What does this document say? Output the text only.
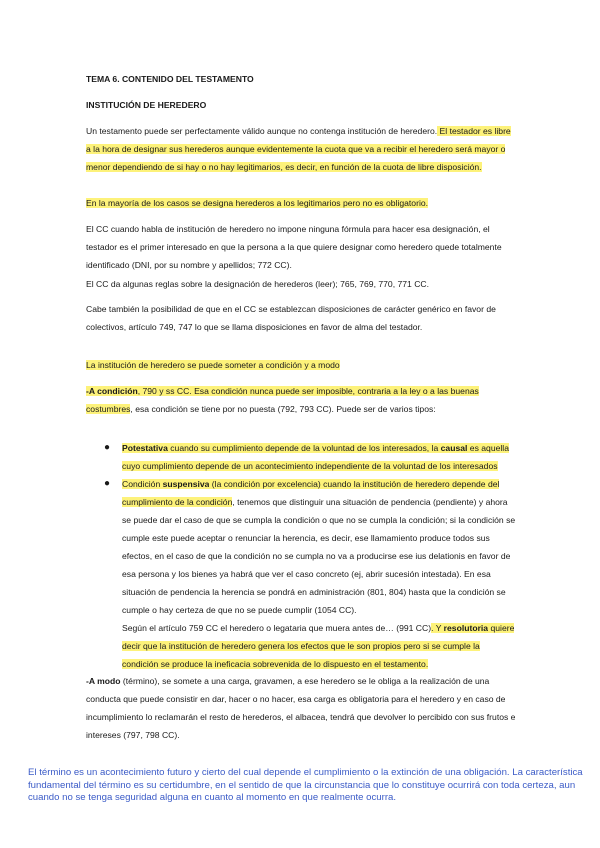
TEMA 6. CONTENIDO DEL TESTAMENTO
INSTITUCIÓN DE HEREDERO

Un testamento puede ser perfectamente válido aunque no contenga institución de heredero. El testador es libre a la hora de designar sus herederos aunque evidentemente la cuota que va a recibir el heredero será mayor o menor dependiendo de si hay o no hay legitimarios, es decir, en función de la cuota de libre disposición.

En la mayoría de los casos se designa herederos a los legitimarios pero no es obligatorio.

El CC cuando habla de institución de heredero no impone ninguna fórmula para hacer esa designación, el testador es el primer interesado en que la persona a la que quiere designar como heredero quede totalmente identificado (DNI, por su nombre y apellidos; 772 CC).

El CC da algunas reglas sobre la designación de herederos (leer); 765, 769, 770, 771 CC.

Cabe también la posibilidad de que en el CC se establezcan disposiciones de carácter genérico en favor de colectivos, artículo 749, 747 lo que se llama disposiciones en favor de alma del testador.

La institución de heredero se puede someter a condición y a modo

-A condición, 790 y ss CC. Esa condición nunca puede ser imposible, contraria a la ley o a las buenas costumbres, esa condición se tiene por no puesta (792, 793 CC). Puede ser de varios tipos:

● Potestativa cuando su cumplimiento depende de la voluntad de los interesados, la causal es aquella cuyo cumplimiento depende de un acontecimiento independiente de la voluntad de los interesados
● Condición suspensiva (la condición por excelencia) cuando la institución de heredero depende del cumplimiento de la condición, tenemos que distinguir una situación de pendencia (pendiente) y ahora se puede dar el caso de que se cumpla la condición o que no se cumpla la condición; si la condición se cumple este puede aceptar o renunciar la herencia, es decir, ese llamamiento produce todos sus efectos, en el caso de que la condición no se cumpla no va a producirse ese ius delationis en favor de esa persona y los bienes ya habrá que ver el caso concreto (ej, abrir sucesión intestada). En esa situación de pendencia la herencia se pondrá en administración (801, 804) hasta que la condición se cumple o hay certeza de que no se puede cumplir (1054 CC).
Según el artículo 759 CC el heredero o legataria que muera antes de… (991 CC). Y resolutoria quiere decir que la institución de heredero genera los efectos que le son propios pero si se cumple la condición se produce la ineficacia sobrevenida de lo dispuesto en el testamento.

-A modo (término), se somete a una carga, gravamen, a ese heredero se le obliga a la realización de una conducta que puede consistir en dar, hacer o no hacer, esa carga es obligatoria para el heredero y en caso de incumplimiento lo reclamarán el resto de herederos, el albacea, tendrá que devolver lo percibido con sus frutos e intereses (797, 798 CC).

El término es un acontecimiento futuro y cierto del cual depende el cumplimiento o la extinción de una obligación. La característica fundamental del término es su certidumbre, en el sentido de que la circunstancia que lo constituye ocurrirá con toda certeza, aun cuando no se tenga seguridad alguna en cuanto al momento en que realmente ocurra.
